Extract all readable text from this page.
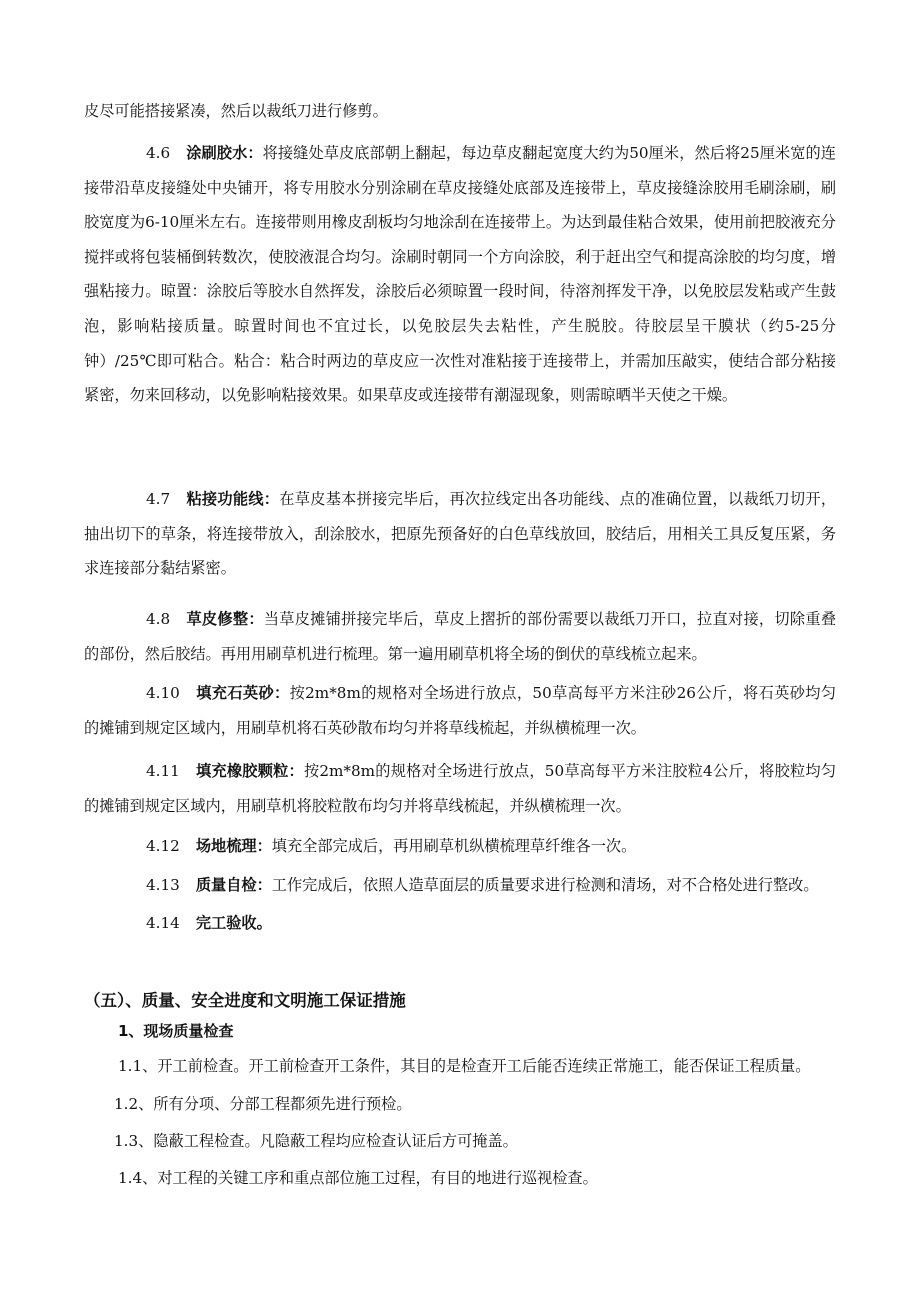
皮尽可能搭接紧凑，然后以裁纸刀进行修剪。

4.6 涂刷胶水：将接缝处草皮底部朝上翻起，每边草皮翻起宽度大约为50厘米，然后将25厘米宽的连接带沿草皮接缝处中央铺开，将专用胶水分别涂刷在草皮接缝处底部及连接带上，草皮接缝涂胶用毛刷涂刷，刷胶宽度为6-10厘米左右。连接带则用橡皮刮板均匀地涂刮在连接带上。为达到最佳粘合效果，使用前把胶液充分搅拌或将包装桶倒转数次，使胶液混合均匀。涂刷时朝同一个方向涂胶，利于赶出空气和提高涂胶的均匀度，增强粘接力。晾置：涂胶后等胶水自然挥发，涂胶后必须晾置一段时间，待溶剂挥发干净，以免胶层发粘或产生鼓泡，影响粘接质量。晾置时间也不宜过长，以免胶层失去粘性，产生脱胶。待胶层呈干膜状（约5-25分钟）/25℃即可粘合。粘合：粘合时两边的草皮应一次性对准粘接于连接带上，并需加压敲实，使结合部分粘接紧密，勿来回移动，以免影响粘接效果。如果草皮或连接带有潮湿现象，则需晾晒半天使之干燥。

4.7 粘接功能线：在草皮基本拼接完毕后，再次拉线定出各功能线、点的准确位置，以裁纸刀切开，抽出切下的草条，将连接带放入，刮涂胶水，把原先预备好的白色草线放回，胶结后，用相关工具反复压紧，务求连接部分黏结紧密。

4.8 草皮修整：当草皮摊铺拼接完毕后，草皮上摺折的部份需要以裁纸刀开口，拉直对接，切除重叠的部份，然后胶结。再用用刷草机进行梳理。第一遍用刷草机将全场的倒伏的草线梳立起来。

4.10 填充石英砂：按2m*8m的规格对全场进行放点，50草高每平方米注砂26公斤，将石英砂均匀的摊铺到规定区域内，用刷草机将石英砂散布均匀并将草线梳起，并纵横梳理一次。

4.11 填充橡胶颗粒：按2m*8m的规格对全场进行放点，50草高每平方米注胶粒4公斤，将胶粒均匀的摊铺到规定区域内，用刷草机将胶粒散布均匀并将草线梳起，并纵横梳理一次。

4.12 场地梳理：填充全部完成后，再用刷草机纵横梳理草纤维各一次。

4.13 质量自检：工作完成后，依照人造草面层的质量要求进行检测和清场，对不合格处进行整改。

4.14 完工验收。

（五）、质量、安全进度和文明施工保证措施
1、现场质量检查

1.1、开工前检查。开工前检查开工条件，其目的是检查开工后能否连续正常施工，能否保证工程质量。

1.2、所有分项、分部工程都须先进行预检。

1.3、隐蔽工程检查。凡隐蔽工程均应检查认证后方可掩盖。

1.4、对工程的关键工序和重点部位施工过程，有目的地进行巡视检查。
